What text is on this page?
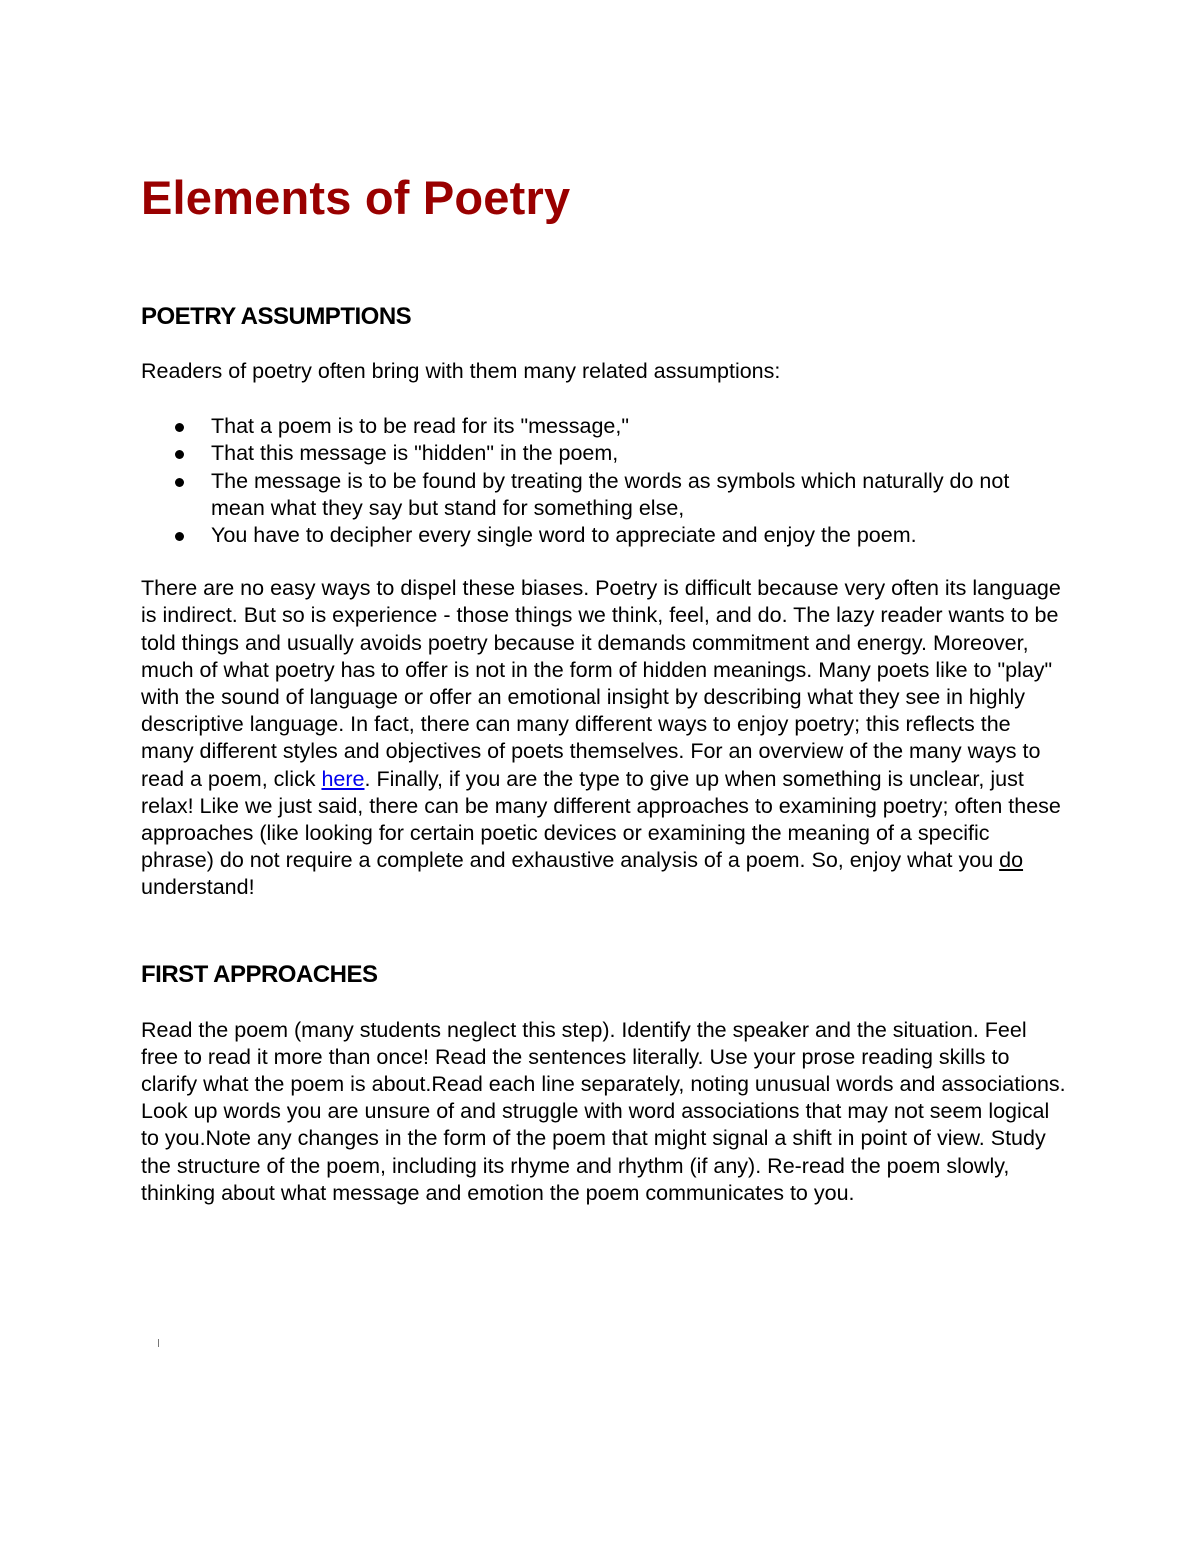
Elements of Poetry
POETRY ASSUMPTIONS

Readers of poetry often bring with them many related assumptions:

That a poem is to be read for its "message,"
That this message is "hidden" in the poem,
The message is to be found by treating the words as symbols which naturally do not mean what they say but stand for something else,
You have to decipher every single word to appreciate and enjoy the poem.

There are no easy ways to dispel these biases. Poetry is difficult because very often its language is indirect. But so is experience - those things we think, feel, and do. The lazy reader wants to be told things and usually avoids poetry because it demands commitment and energy. Moreover, much of what poetry has to offer is not in the form of hidden meanings. Many poets like to "play" with the sound of language or offer an emotional insight by describing what they see in highly descriptive language. In fact, there can many different ways to enjoy poetry; this reflects the many different styles and objectives of poets themselves. For an overview of the many ways to read a poem, click here. Finally, if you are the type to give up when something is unclear, just relax! Like we just said, there can be many different approaches to examining poetry; often these approaches (like looking for certain poetic devices or examining the meaning of a specific phrase) do not require a complete and exhaustive analysis of a poem. So, enjoy what you do understand!

FIRST APPROACHES

Read the poem (many students neglect this step). Identify the speaker and the situation. Feel free to read it more than once! Read the sentences literally. Use your prose reading skills to clarify what the poem is about.Read each line separately, noting unusual words and associations. Look up words you are unsure of and struggle with word associations that may not seem logical to you.Note any changes in the form of the poem that might signal a shift in point of view. Study the structure of the poem, including its rhyme and rhythm (if any). Re-read the poem slowly, thinking about what message and emotion the poem communicates to you.
